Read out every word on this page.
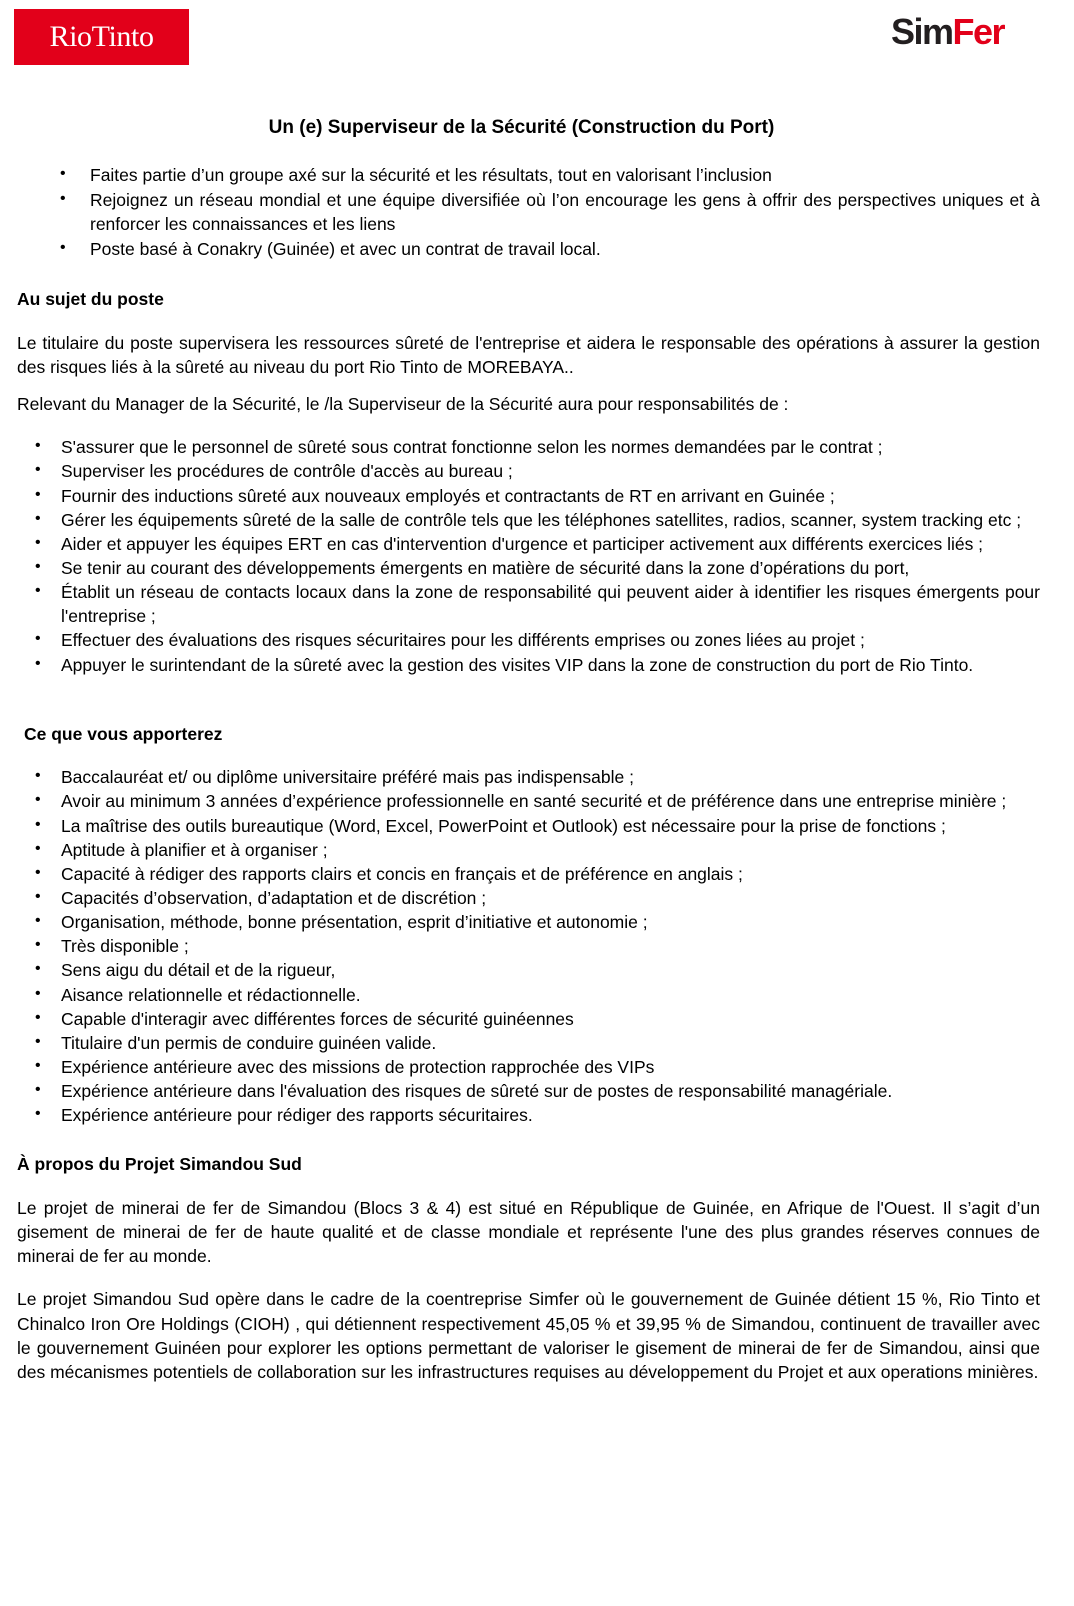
RioTinto	SimFer
Un (e) Superviseur de la Sécurité (Construction du Port)
• Faites partie d’un groupe axé sur la sécurité et les résultats, tout en valorisant l’inclusion
• Rejoignez un réseau mondial et une équipe diversifiée où l’on encourage les gens à offrir des perspectives uniques et à renforcer les connaissances et les liens
• Poste basé à Conakry (Guinée) et avec un contrat de travail local.
Au sujet du poste

Le titulaire du poste supervisera les ressources sûreté de l'entreprise et aidera le responsable des opérations à assurer la gestion des risques liés à la sûreté au niveau du port Rio Tinto de MOREBAYA..

Relevant du Manager de la Sécurité, le /la Superviseur de la Sécurité aura pour responsabilités de :

• S'assurer que le personnel de sûreté sous contrat fonctionne selon les normes demandées par le contrat ;
• Superviser les procédures de contrôle d'accès au bureau ;
• Fournir des inductions sûreté aux nouveaux employés et contractants de RT en arrivant en Guinée ;
• Gérer les équipements sûreté de la salle de contrôle tels que les téléphones satellites, radios, scanner, system tracking etc ;
• Aider et appuyer les équipes ERT en cas d'intervention d'urgence et participer activement aux différents exercices liés ;
• Se tenir au courant des développements émergents en matière de sécurité dans la zone d’opérations du port,
• Établit un réseau de contacts locaux dans la zone de responsabilité qui peuvent aider à identifier les risques émergents pour l'entreprise ;
• Effectuer des évaluations des risques sécuritaires pour les différents emprises ou zones liées au projet ;
• Appuyer le surintendant de la sûreté avec la gestion des visites VIP dans la zone de construction du port de Rio Tinto.
Ce que vous apporterez
• Baccalauréat et/ ou diplôme universitaire préféré mais pas indispensable ;
• Avoir au minimum 3 années d’expérience professionnelle en santé securité et de préférence dans une entreprise minière ;
• La maîtrise des outils bureautique (Word, Excel, PowerPoint et Outlook) est nécessaire pour la prise de fonctions ;
• Aptitude à planifier et à organiser ;
• Capacité à rédiger des rapports clairs et concis en français et de préférence en anglais ;
• Capacités d’observation, d’adaptation et de discrétion ;
• Organisation, méthode, bonne présentation, esprit d’initiative et autonomie ;
• Très disponible ;
• Sens aigu du détail et de la rigueur,
• Aisance relationnelle et rédactionnelle.
• Capable d'interagir avec différentes forces de sécurité guinéennes
• Titulaire d'un permis de conduire guinéen valide.
• Expérience antérieure avec des missions de protection rapprochée des VIPs
• Expérience antérieure dans l'évaluation des risques de sûreté sur de postes de responsabilité managériale.
• Expérience antérieure pour rédiger des rapports sécuritaires.
À propos du Projet Simandou Sud

Le projet de minerai de fer de Simandou (Blocs 3 & 4) est situé en République de Guinée, en Afrique de l'Ouest. Il s’agit d’un gisement de minerai de fer de haute qualité et de classe mondiale et représente l'une des plus grandes réserves connues de minerai de fer au monde.

Le projet Simandou Sud opère dans le cadre de la coentreprise Simfer où le gouvernement de Guinée détient 15 %, Rio Tinto et Chinalco Iron Ore Holdings (CIOH) , qui détiennent respectivement 45,05 % et 39,95 % de Simandou, continuent de travailler avec le gouvernement Guinéen pour explorer les options permettant de valoriser le gisement de minerai de fer de Simandou, ainsi que des mécanismes potentiels de collaboration sur les infrastructures requises au développement du Projet et aux operations minières.
